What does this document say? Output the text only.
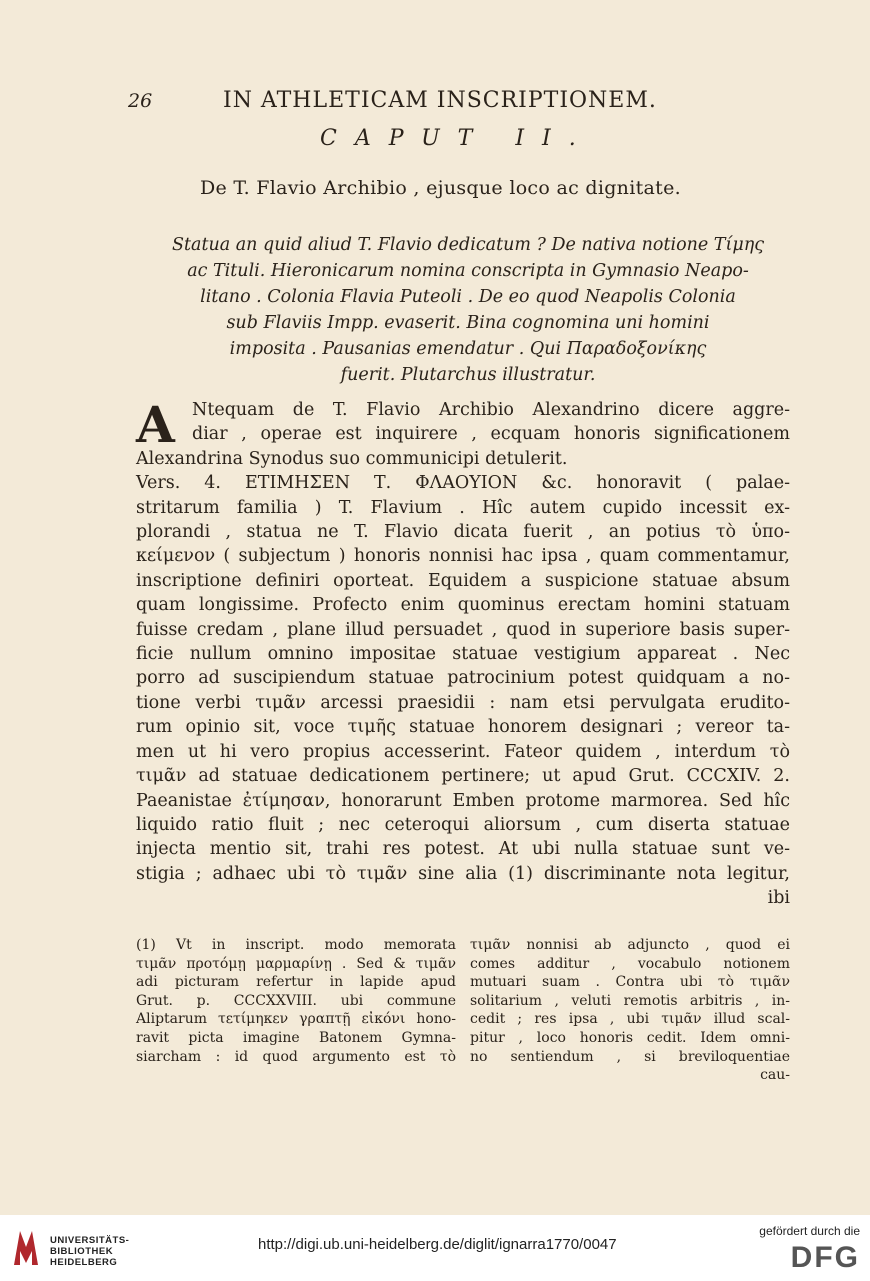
26	IN ATHLETICAM INSCRIPTIONEM.
CAPUT II.
De T. Flavio Archibio , ejusque loco ac dignitate.
Statua an quid aliud T. Flavio dedicatum ? De nativa notione Τίμης
ac Tituli. Hieronicarum nomina conscripta in Gymnasio Neapo-
litano . Colonia Flavia Puteoli . De eo quod Neapolis Colonia
sub Flaviis Impp. evaserit. Bina cognomina uni homini
imposita . Pausanias emendatur . Qui Παραδοξονίκης
fuerit. Plutarchus illustratur.
A Ntequam de T. Flavio Archibio Alexandrino dicere aggre-
diar , operae est inquirere , ecquam honoris significationem
Alexandrina Synodus suo communicipi detulerit.
Vers. 4. ΕΤΙΜΗΣΕΝ Τ. ΦΛΑΟΥΙΟΝ &c. honoravit ( palae-
stritarum familia ) T. Flavium . Hîc autem cupido incessit ex-
plorandi , statua ne T. Flavio dicata fuerit , an potius τὸ ὑπο-
κείμενον ( subjectum ) honoris nonnisi hac ipsa , quam commentamur,
inscriptione definiri oporteat. Equidem a suspicione statuae absum
quam longissime. Profecto enim quominus erectam homini statuam
fuisse credam , plane illud persuadet , quod in superiore basis super-
ficie nullum omnino impositae statuae vestigium appareat . Nec
porro ad suscipiendum statuae patrocinium potest quidquam a no-
tione verbi τιμᾶν arcessi praesidii : nam etsi pervulgata erudito-
rum opinio sit, voce τιμῆς statuae honorem designari ; vereor ta-
men ut hi vero propius accesserint. Fateor quidem , interdum τὸ
τιμᾶν ad statuae dedicationem pertinere; ut apud Grut. CCCXIV. 2.
Paeanistae ἐτίμησαν, honorarunt Emben protome marmorea. Sed hîc
liquido ratio fluit ; nec ceteroqui aliorsum , cum diserta statuae
injecta mentio sit, trahi res potest. At ubi nulla statuae sunt ve-
stigia ; adhaec ubi τὸ τιμᾶν sine alia (1) discriminante nota legitur,
ibi
(1) Vt in inscript. modo memorata
τιμᾶν προτόμῃ μαρμαρίνῃ . Sed & τιμᾶν
adi picturam refertur in lapide apud
Grut. p. CCCXXVIII. ubi commune
Aliptarum τετίμηκεν γραπτῇ εἰκόνι hono-
ravit picta imagine Batonem Gymna-
siarcham : id quod argumento est τὸ
τιμᾶν nonnisi ab adjuncto , quod ei
comes additur , vocabulo notionem
mutuari suam . Contra ubi τὸ τιμᾶν
solitarium , veluti remotis arbitris , in-
cedit ; res ipsa , ubi τιμᾶν illud scal-
pitur , loco honoris cedit. Idem omni-
no sentiendum , si breviloquentiae
cau-
UNIVERSITÄTS-
BIBLIOTHEK
HEIDELBERG
http://digi.ub.uni-heidelberg.de/diglit/ignarra1770/0047
gefördert durch die
DFG
